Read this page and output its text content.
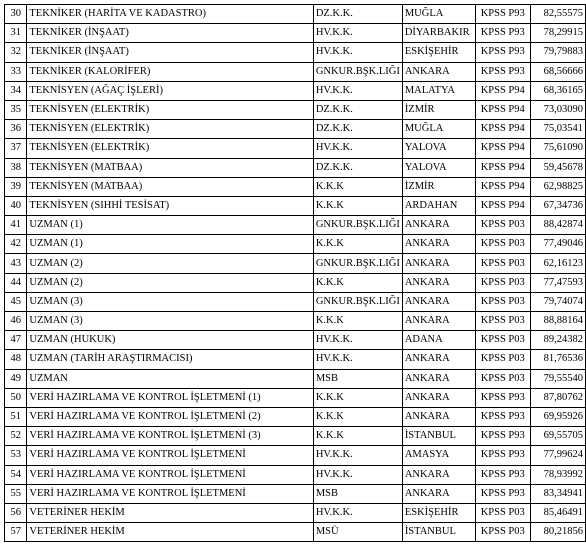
30	TEKNİKER (HARİTA VE KADASTRO)	DZ.K.K.	MUĞLA	KPSS P93	82,55575
31	TEKNİKER (İNŞAAT)	HV.K.K.	DİYARBAKIR	KPSS P93	78,29915
32	TEKNİKER (İNŞAAT)	HV.K.K.	ESKİŞEHİR	KPSS P93	79,79883
33	TEKNİKER (KALORİFER)	GNKUR.BŞK.LIĞI	ANKARA	KPSS P93	68,56666
34	TEKNİSYEN (AĞAÇ İŞLERİ)	HV.K.K.	MALATYA	KPSS P94	68,36165
35	TEKNİSYEN (ELEKTRİK)	DZ.K.K.	İZMİR	KPSS P94	73,03090
36	TEKNİSYEN (ELEKTRİK)	DZ.K.K.	MUĞLA	KPSS P94	75,03541
37	TEKNİSYEN (ELEKTRİK)	HV.K.K.	YALOVA	KPSS P94	75,61090
38	TEKNİSYEN (MATBAA)	DZ.K.K.	YALOVA	KPSS P94	59,45678
39	TEKNİSYEN (MATBAA)	K.K.K	İZMİR	KPSS P94	62,98825
40	TEKNİSYEN (SIHHİ TESİSAT)	K.K.K	ARDAHAN	KPSS P94	67,34736
41	UZMAN (1)	GNKUR.BŞK.LIĞI	ANKARA	KPSS P03	88,42874
42	UZMAN (1)	K.K.K	ANKARA	KPSS P03	77,49046
43	UZMAN (2)	GNKUR.BŞK.LIĞI	ANKARA	KPSS P03	62,16123
44	UZMAN (2)	K.K.K	ANKARA	KPSS P03	77,47593
45	UZMAN (3)	GNKUR.BŞK.LIĞI	ANKARA	KPSS P03	79,74074
46	UZMAN (3)	K.K.K	ANKARA	KPSS P03	88,88164
47	UZMAN (HUKUK)	HV.K.K.	ADANA	KPSS P03	89,24382
48	UZMAN (TARİH ARAŞTIRMACISI)	HV.K.K.	ANKARA	KPSS P03	81,76536
49	UZMAN	MSB	ANKARA	KPSS P03	79,55540
50	VERİ HAZIRLAMA VE KONTROL İŞLETMENİ (1)	K.K.K	ANKARA	KPSS P93	87,80762
51	VERİ HAZIRLAMA VE KONTROL İŞLETMENİ (2)	K.K.K	ANKARA	KPSS P93	69,95926
52	VERİ HAZIRLAMA VE KONTROL İŞLETMENİ (3)	K.K.K	İSTANBUL	KPSS P93	69,55705
53	VERİ HAZIRLAMA VE KONTROL İŞLETMENİ	HV.K.K.	AMASYA	KPSS P93	77,99624
54	VERİ HAZIRLAMA VE KONTROL İŞLETMENİ	HV.K.K.	ANKARA	KPSS P93	78,93992
55	VERİ HAZIRLAMA VE KONTROL İŞLETMENİ	MSB	ANKARA	KPSS P93	83,34941
56	VETERİNER HEKİM	HV.K.K.	ESKİŞEHİR	KPSS P03	85,46491
57	VETERİNER HEKİM	MSÜ	İSTANBUL	KPSS P03	80,21856
